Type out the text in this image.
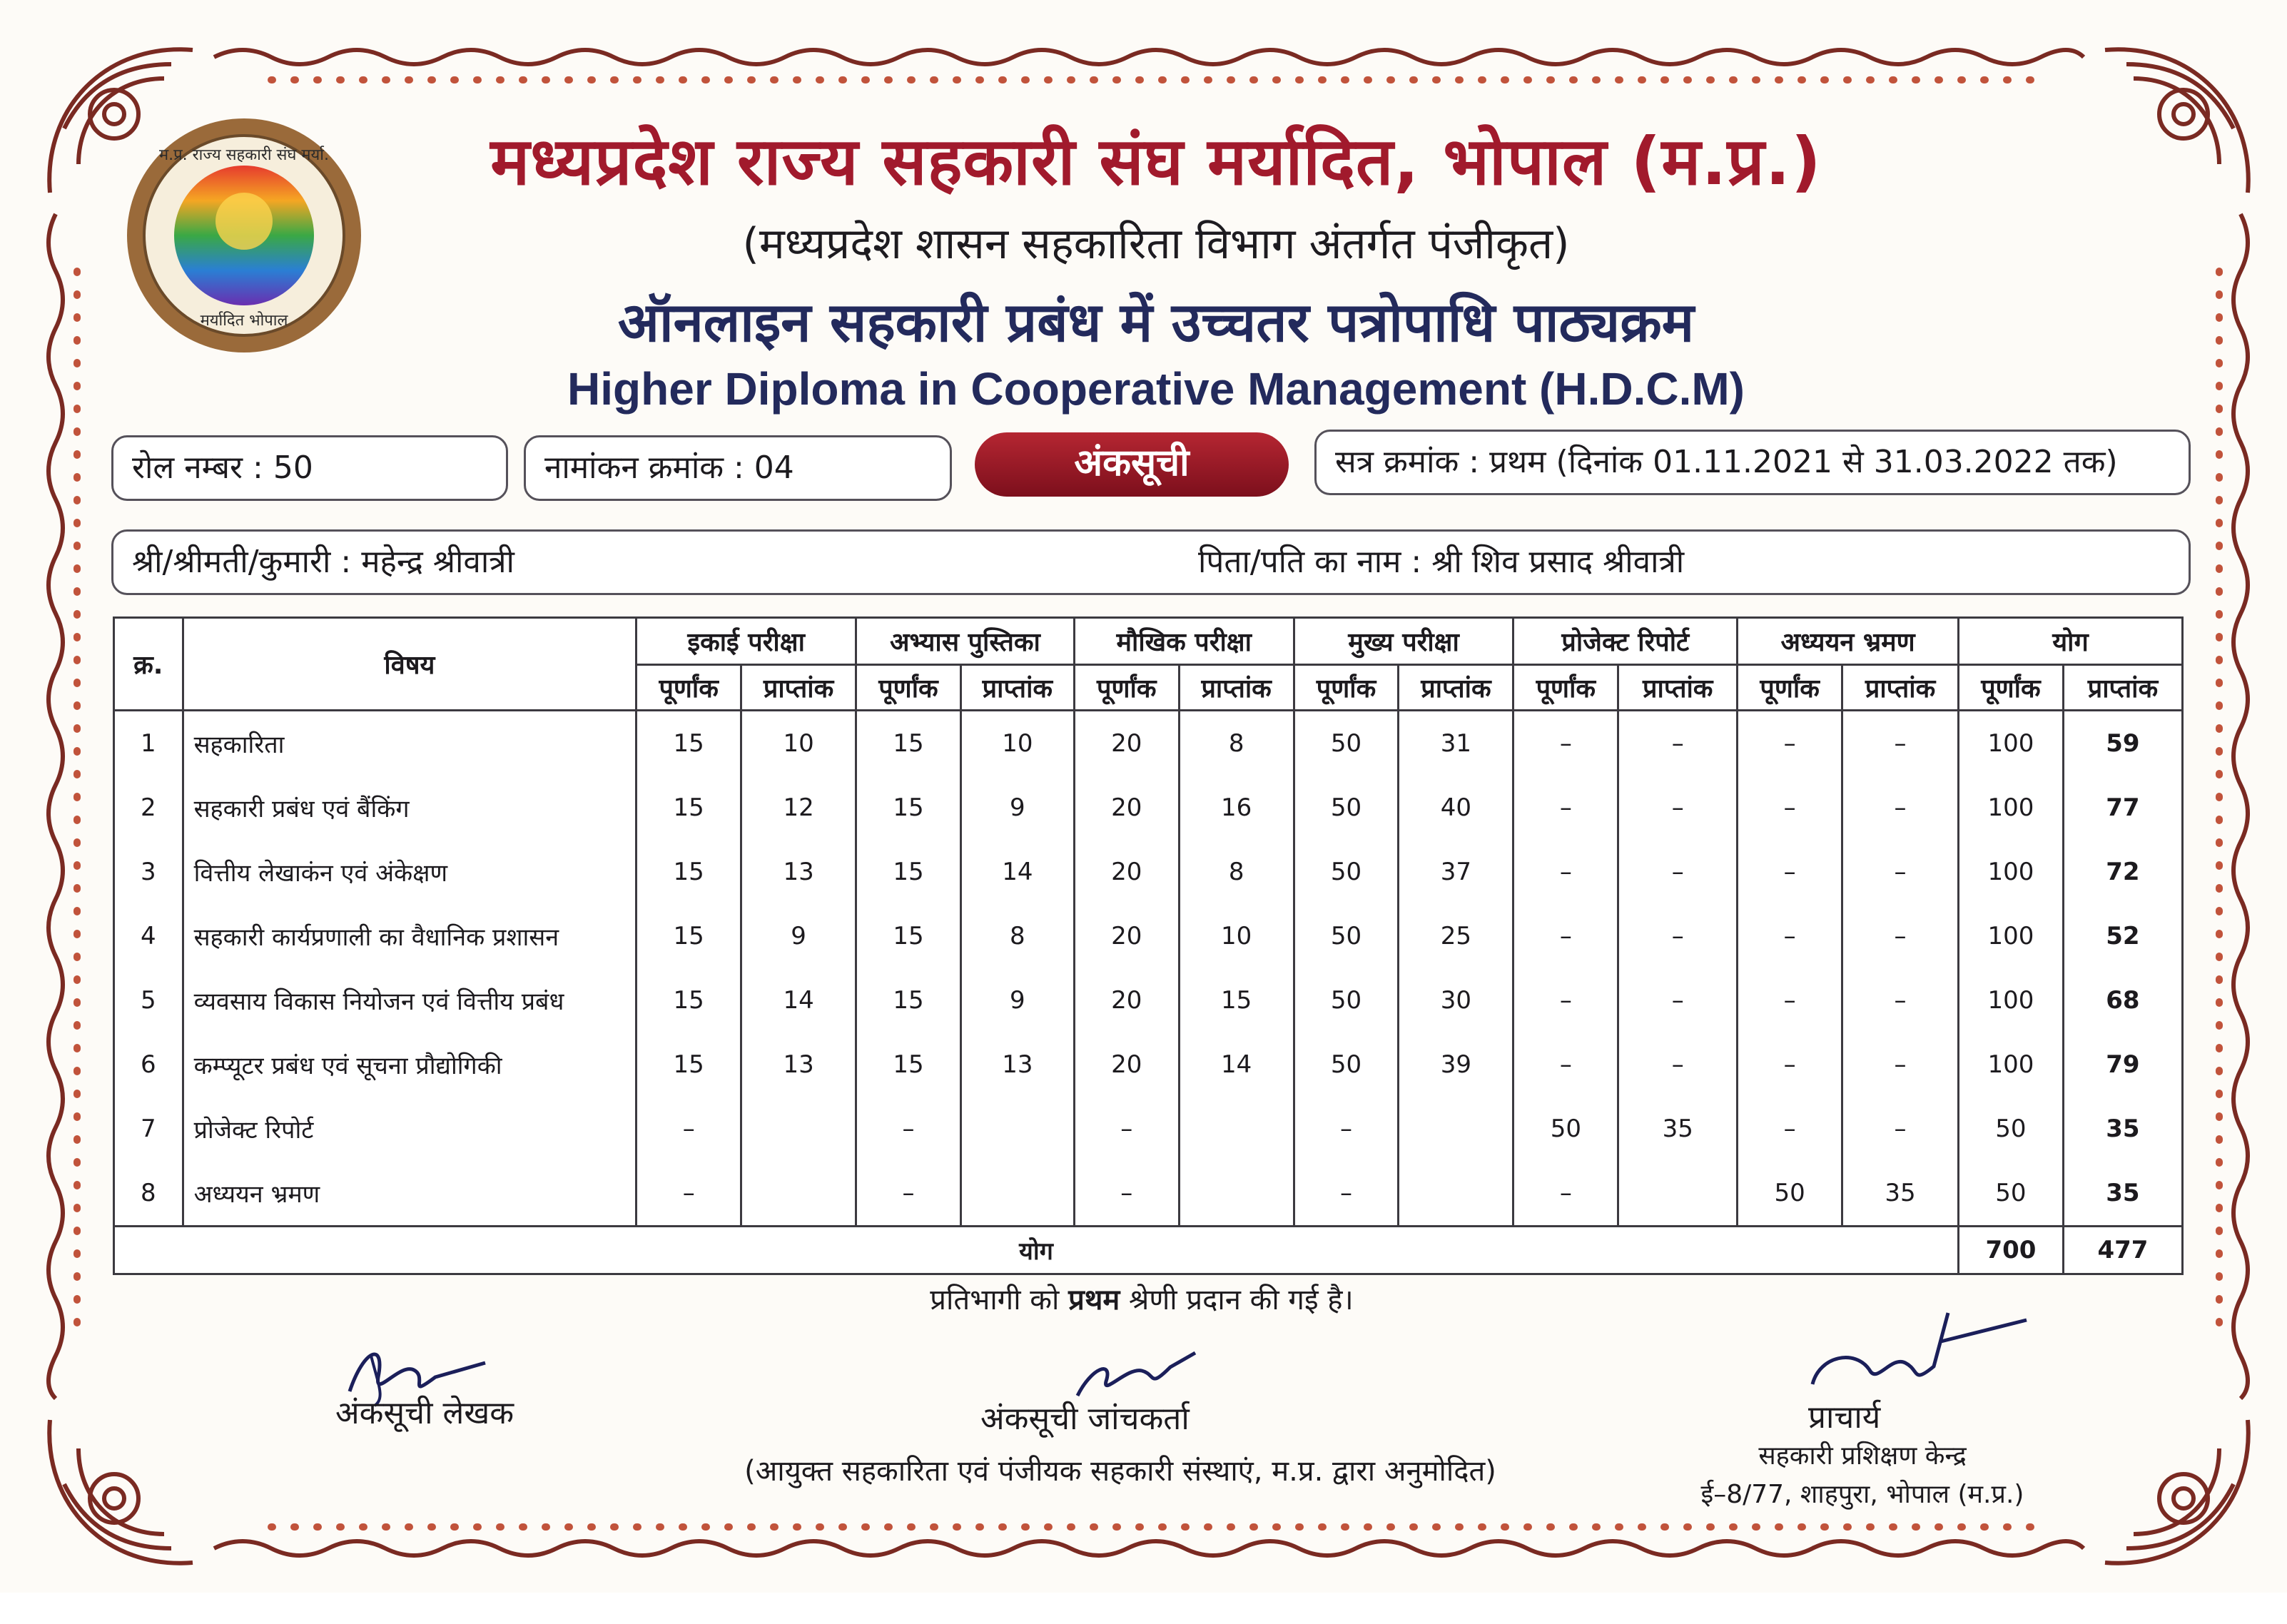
म.प्र. राज्य सहकारी संघ मर्या.
मर्यादित भोपाल
मध्यप्रदेश राज्य सहकारी संघ मर्यादित, भोपाल (म.प्र.)
(मध्यप्रदेश शासन सहकारिता विभाग अंतर्गत पंजीकृत)
ऑनलाइन सहकारी प्रबंध में उच्चतर पत्रोपाधि पाठ्यक्रम
Higher Diploma in Cooperative Management (H.D.C.M)
रोल नम्बर : 50	नामांकन क्रमांक : 04	अंकसूची	सत्र क्रमांक : प्रथम (दिनांक 01.11.2021 से 31.03.2022 तक)
श्री/श्रीमती/कुमारी : महेन्द्र श्रीवात्री	पिता/पति का नाम : श्री शिव प्रसाद श्रीवात्री
क्र.	विषय	इकाई परीक्षा		अभ्यास पुस्तिका		मौखिक परीक्षा		मुख्य परीक्षा		प्रोजेक्ट रिपोर्ट		अध्ययन भ्रमण		योग	
		पूर्णांक	प्राप्तांक	पूर्णांक	प्राप्तांक	पूर्णांक	प्राप्तांक	पूर्णांक	प्राप्तांक	पूर्णांक	प्राप्तांक	पूर्णांक	प्राप्तांक	पूर्णांक	प्राप्तांक
1	सहकारिता	15	10	15	10	20	8	50	31	–	–	–	–	100	59
2	सहकारी प्रबंध एवं बैंकिंग	15	12	15	9	20	16	50	40	–	–	–	–	100	77
3	वित्तीय लेखाकंन एवं अंकेक्षण	15	13	15	14	20	8	50	37	–	–	–	–	100	72
4	सहकारी कार्यप्रणाली का वैधानिक प्रशासन	15	9	15	8	20	10	50	25	–	–	–	–	100	52
5	व्यवसाय विकास नियोजन एवं वित्तीय प्रबंध	15	14	15	9	20	15	50	30	–	–	–	–	100	68
6	कम्प्यूटर प्रबंध एवं सूचना प्रौद्योगिकी	15	13	15	13	20	14	50	39	–	–	–	–	100	79
7	प्रोजेक्ट रिपोर्ट	–		–		–		–		50	35	–	–	50	35
8	अध्ययन भ्रमण	–		–		–		–		–		50	35	50	35
योग														700	477
प्रतिभागी को प्रथम श्रेणी प्रदान की गई है।
अंकसूची लेखक	अंकसूची जांचकर्ता	प्राचार्य
(आयुक्त सहकारिता एवं पंजीयक सहकारी संस्थाएं, म.प्र. द्वारा अनुमोदित)	सहकारी प्रशिक्षण केन्द्र
ई–8/77, शाहपुरा, भोपाल (म.प्र.)
